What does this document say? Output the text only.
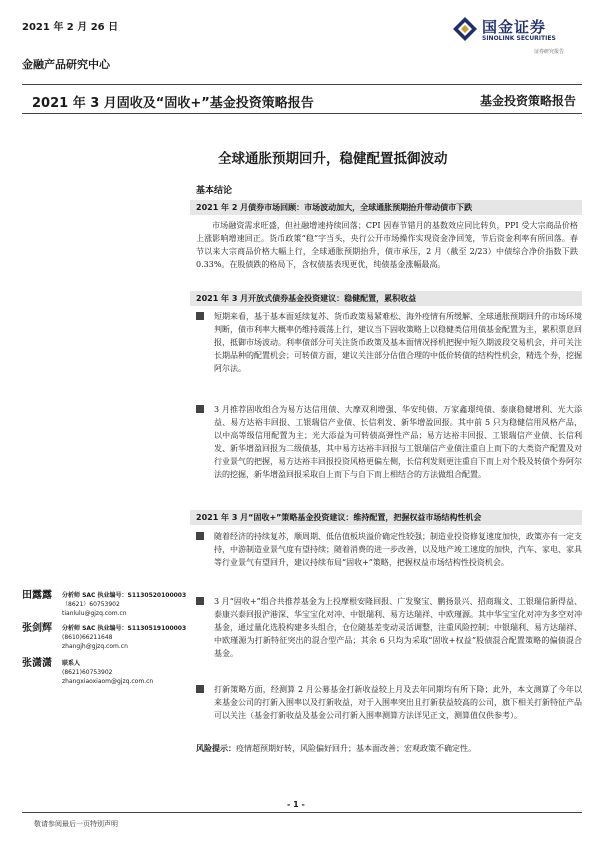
2021 年 2 月 26 日
金融产品研究中心
国金证券
SINOLINK SECURITIES
证券研究报告
2021 年 3 月固收及“固收+”基金投资策略报告	基金投资策略报告
全球通胀预期回升，稳健配置抵御波动
基本结论
2021 年 2 月债券市场回顾：市场波动加大，全球通胀预期抬升带动债市下跌
市场融资需求旺盛，但社融增速持续回落；CPI 因春节错月的基数效应同比转负，PPI 受大宗商品价格上涨影响增速回正。货币政策“稳”字当头，央行公开市场操作实现资金净回笼，节后资金利率有所回落。春节以来大宗商品价格大幅上行，全球通胀预期抬升，债市承压，2 月（截至 2/23）中债综合净价指数下跌 0.33%。在股债跌的格局下，含权债基表现更优，纯债基金涨幅最高。
2021 年 3 月开放式债券基金投资建议：稳健配置，累积收益
短期来看，基于基本面延续复苏、货币政策易紧难松、海外疫情有所缓解、全球通胀预期回升的市场环境判断，债市利率大概率仍维持震荡上行，建议当下固收策略上以稳健类信用债基金配置为主，累积票息回报，抵御市场波动。利率债部分可关注货币政策及基本面情况择机把握中短久期波段交易机会，并可关注长期品种的配置机会；可转债方面，建议关注部分估值合理的中低价转债的结构性机会，精选个券，挖掘阿尔法。
3 月推荐固收组合为易方达信用债、大摩双利增强、华安纯债、万家鑫璟纯债、泰康稳健增利、光大添益、易方达裕丰回报、工银瑞信产业债、长信利发、新华增盈回报。其中前 5 只为稳健信用风格产品，以中高等级信用配置为主；光大添益为可转债高弹性产品；易方达裕丰回报、工银瑞信产业债、长信利发、新华增盈回报为二级债基，其中易方达裕丰回报与工银瑞信产业债注重自上而下的大类资产配置及对行业景气的把握，易方达裕丰回报投资风格更偏左侧，长信利发则更注重自下而上对个股及转债个券阿尔法的挖掘，新华增盈回报采取自上而下与自下而上相结合的方法做组合配置。
2021 年 3 月“固收+”策略基金投资建议：维持配置，把握权益市场结构性机会
随着经济的持续复苏，顺周期、低估值板块溢价确定性较强；制造业投资修复速度加快，政策亦有一定支持，中游制造业景气度有望持续；随着消费的进一步改善，以及地产竣工速度的加快，汽车、家电、家具等行业景气有望回升，建议持续布局“固收+”策略，把握权益市场结构性投资机会。
3 月“固收+”组合共推荐基金为上投摩根安隆回报、广发聚宝、鹏扬景兴、招商瑞文、工银瑞信新得益、泰康兴泰回报沪港深、华宝宝化对冲、中银瑞利、易方达瑞祥、中欧瑾源。其中华宝宝化对冲为多空对冲基金，通过量化选股构建多头组合，仓位随基差变动灵活调整，注重风险控制；中银瑞利、易方达瑞祥、中欧瑾源为打新特征突出的混合型产品；其余 6 只均为采取“固收+权益”股债混合配置策略的偏债混合基金。
打新策略方面，经测算 2 月公募基金打新收益较上月及去年同期均有所下降；此外，本文测算了今年以来基金公司的打新入围率以及打新收益，对于入围率突出且打新获益较高的公司，旗下相关打新特征产品可以关注（基金打新收益及基金公司打新入围率测算方法详见正文，测算值仅供参考）。
风险提示：疫情超预期好转，风险偏好回升；基本面改善；宏观政策不确定性。
田露露 分析师 SAC 执业编号：S1130520100003
（8621）60753902
tianlulu@gjzq.com.cn
张剑辉 分析师 SAC 执业编号：S1130519100003
(8610)66211648
zhangjh@gjzq.com.cn
张潇潇 联系人
(8621)60753902
zhangxiaoxiaom@gjzq.com.cn
- 1 -
敬请参阅最后一页特别声明
